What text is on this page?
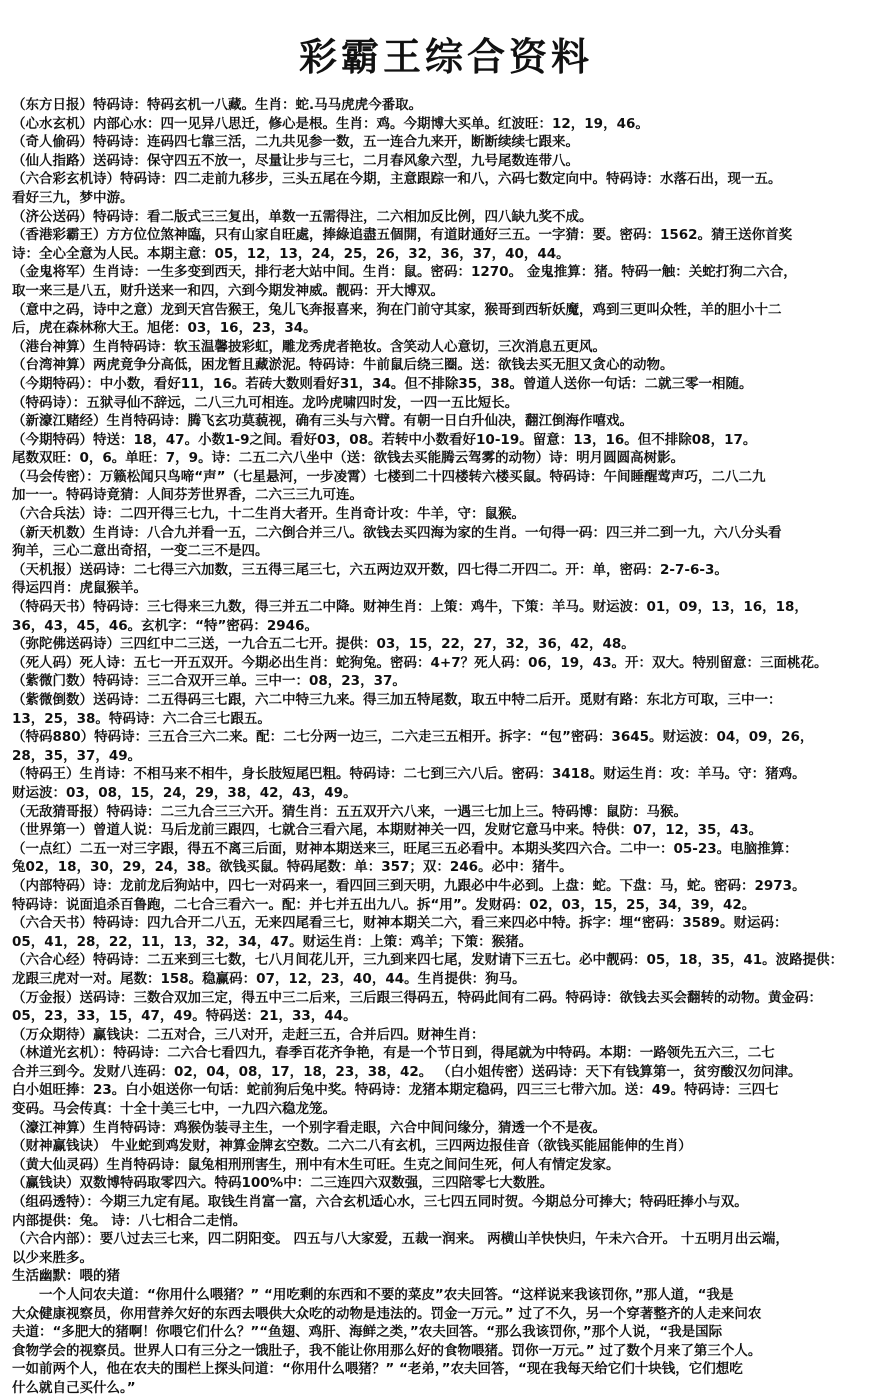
彩霸王综合资料
（东方日报）特码诗：特码玄机一八藏。生肖：蛇.马马虎虎今番取。
（心水玄机）内部心水：四一见异八思迁，修心是根。生肖：鸡。今期博大买单。红波旺：12，19，46。
（奇人偷码）特码诗：连码四七靠三活，二九共见参一数，五一连合九来开，断断续续七跟来。
（仙人指路）送码诗：保守四五不放一，尽量让步与三七，二月春风象六型，九号尾数连带八。
（六合彩玄机诗）特码诗：四二走前九移步，三头五尾在今期，主意跟踪一和八，六码七数定向中。特码诗：水落石出，现一五。
看好三九，梦中游。
（济公送码）特码诗：看二版式三三复出，单数一五需得注，二六相加反比例，四八缺九奖不成。
（香港彩霸王）方方位位煞神臨，只有山家自旺處，捧綠追盡五個開，有道財通好三五。一字猜：要。密码：1562。猜王送你首奖
诗：全心全意为人民。本期主意：05，12，13，24，25，26，32，36，37，40，44。
（金鬼将军）生肖诗：一生多变到西天，排行老大站中间。生肖：鼠。密码：1270。 金鬼推算：猪。特码一触：关蛇打狗二六合，
取一来三是八五，财升送来一和四，六到今期发神威。靓码：开大博双。
（意中之码，诗中之意）龙到天宫告猴王，兔儿飞奔报喜来，狗在门前守其家，猴哥到西斩妖魔，鸡到三更叫众牲，羊的胆小十二
后，虎在森林称大王。旭佬：03，16，23，34。
（港台神算）生肖特码诗：软玉温馨披彩虹，雕龙秀虎者艳妆。含笑动人心意切，三次消息五更风。
（台湾神算）两虎竟争分高低，困龙暂且藏淤泥。特码诗：牛前鼠后绕三圈。送：欲钱去买无胆又贪心的动物。
（今期特码）：中小数，看好11，16。若砖大数则看好31，34。但不排除35，38。曾道人送你一句话：二就三零一相随。
（特码诗）：五狱寻仙不辞远，二八三九可相连。龙吟虎啸四时发，一四一五比短长。
（新濠江赌经）生肖特码诗：腾飞玄功莫藐视，确有三头与六臂。有朝一日白升仙决，翻江倒海作嘻戏。
（今期特码）特送：18，47。小数1-9之间。看好03，08。若转中小数看好10-19。留意：13，16。但不排除08，17。
尾数双旺：0，6。单旺：7，9。诗：二五二六八坐中（送：欲钱去买能腾云驾雾的动物）诗：明月圆圆高树影。
（马会传密）：万籁松闻只鸟啼“声”（七星悬河，一步凌霄）七楼到二十四楼转六楼买鼠。特码诗：午间睡醒莺声巧，二八二九
加一一。特码诗竟猜：人间芬芳世界香，二六三三九可连。
（六合兵法）诗：二四开得三七九，十二生肖大者开。生肖奇计攻：牛羊，守：鼠猴。
（新天机数）生肖诗：八合九并看一五，二六倒合并三八。欲钱去买四海为家的生肖。一句得一码：四三并二到一九，六八分头看
狗羊，三心二意出奇招，一变二三不是四。
（天机报）送码诗：二七得三六加数，三五得三尾三七，六五两边双开数，四七得二开四二。开：单，密码：2-7-6-3。
得运四肖：虎鼠猴羊。
（特码天书）特码诗：三七得来三九数，得三并五二中降。财神生肖：上策：鸡牛，下策：羊马。财运波：01，09，13，16，18，
36，43，45，46。玄机字：“特”密码：2946。
（弥陀佛送码诗）三四红中二三送，一九合五二七开。提供：03，15，22，27，32，36，42，48。
（死人码）死人诗：五七一开五双开。今期必出生肖：蛇狗兔。密码：4+7？死人码：06，19，43。开：双大。特别留意：三面桃花。
（紫微门数）特码诗：三二合双开三单。三中一：08，23，37。
（紫微倒数）送码诗：二五得码三七跟，六二中特三九来。得三加五特尾数，取五中特二后开。觅财有路：东北方可取，三中一：
13，25，38。特码诗：六二合三七跟五。
（特码880）特码诗：三五合三六二来。配：二七分两一边三，二六走三五相开。拆字：“包”密码：3645。财运波：04，09，26，
28，35，37，49。
（特码王）生肖诗：不相马来不相牛，身长肢短尾巴粗。特码诗：二七到三六八后。密码：3418。财运生肖：攻：羊马。守：猪鸡。
财运波：03，08，15，24，29，38，42，43，49。
（无敌猜哥报）特码诗：二三九合三三六开。猜生肖：五五双开六八来，一遇三七加上三。特码博：鼠防：马猴。
（世界第一）曾道人说：马后龙前三跟四，七就合三看六尾，本期财神关一四，发财它意马中来。特供：07，12，35，43。
（一点红）二五一对三字跟，得五不离三后面，财神本期送来三，旺尾三五必看中。本期头奖四六合。二中一：05-23。电脑推算：
兔02，18，30，29，24，38。欲钱买鼠。特码尾数：单：357；双：246。必中：猪牛。
（内部特码）诗：龙前龙后狗站中，四七一对码来一，看四回三到天明，九跟必中牛必到。上盘：蛇。下盘：马，蛇。密码：2973。
特码诗：说面追杀百鲁跑，二七合三看六一。配：并七并五出九八。拆“用”。发财码：02，03，15，25，34，39，42。
（六合天书）特码诗：四九合开二八五，无来四尾看三七，财神本期关二六，看三来四必中特。拆字：埋“密码：3589。财运码：
05，41，28，22，11，13，32，34，47。财运生肖：上策：鸡羊；下策：猴猪。
（六合心经）特码诗：二五来到三七数，七八月间花儿开，三九到来四七尾，发财请下三五七。必中靓码：05，18，35，41。波路提供：
龙跟三虎对一对。尾数：158。稳赢码：07，12，23，40，44。生肖提供：狗马。
（万金报）送码诗：三数合双加三定，得五中三二后来，三后跟三得码五，特码此间有二码。特码诗：欲钱去买会翻转的动物。黄金码：
05，23，33，15，47，49。特码送：21，33，44。
（万众期待）赢钱诀：二五对合，三八对开，走赶三五，合并后四。财神生肖：
（林道光玄机）：特码诗：二六合七看四九，春季百花齐争艳，有是一个节日到，得尾就为中特码。本期：一路领先五六三，二七
合并三到今。发财八连码：02，04，08，17，18，23，38，42。 （白小姐传密）送码诗：天下有钱算第一，贫穷酸汉勿问津。
白小姐旺捧：23。白小姐送你一句话：蛇前狗后兔中奖。特码诗：龙猪本期定稳码，四三三七带六加。送：49。特码诗：三四七
变码。马会传真：十全十美三七中，一九四六稳龙笼。
（濠江神算）生肖特码诗：鸡猴伪装寻主生，一个别字看走眼，六合中间问缘分，猜透一个不是夜。
（财神赢钱诀） 牛业蛇到鸡发财，神算金牌玄空数。二六二八有玄机，三四两边报佳音（欲钱买能屈能伸的生肖）
（黄大仙灵码）生肖特码诗：鼠兔相刑刑害生，刑中有木生可旺。生克之间问生死，何人有情定发家。
（赢钱诀）双数博特码取零四六。特码100%中：二三连四六双数强，三四陪零七大数胜。
（组码透特）：今期三九定有尾。取钱生肖富一富，六合玄机适心水，三七四五同时贺。今期总分可捧大；特码旺捧小与双。
内部提供：兔。 诗：八七相合二走悄。
（六合内部）：要八过去三七来，四二阴阳变。 四五与八大家爱，五裁一润来。 两横山羊快快归，午未六合开。 十五明月出云端，
以少来胜多。
生活幽默：喂的猪
　　一个人问农夫道：“你用什么喂猪？” “用吃剩的东西和不要的菜皮”农夫回答。“这样说来我该罚你，”那人道，“我是
大众健康视察员，你用营养欠好的东西去喂供大众吃的动物是违法的。罚金一万元。” 过了不久，另一个穿著整齐的人走来问农
夫道：“多肥大的猪啊！你喂它们什么？”“鱼翅、鸡肝、海鲜之类，”农夫回答。“那么我该罚你，”那个人说，“我是国际
食物学会的视察员。世界人口有三分之一饿肚子，我不能让你用那么好的食物喂猪。罚你一万元。” 过了数个月来了第三个人。
一如前两个人，他在农夫的围栏上探头问道：“你用什么喂猪？” “老弟，”农夫回答，“现在我每天给它们十块钱，它们想吃
什么就自己买什么。”
